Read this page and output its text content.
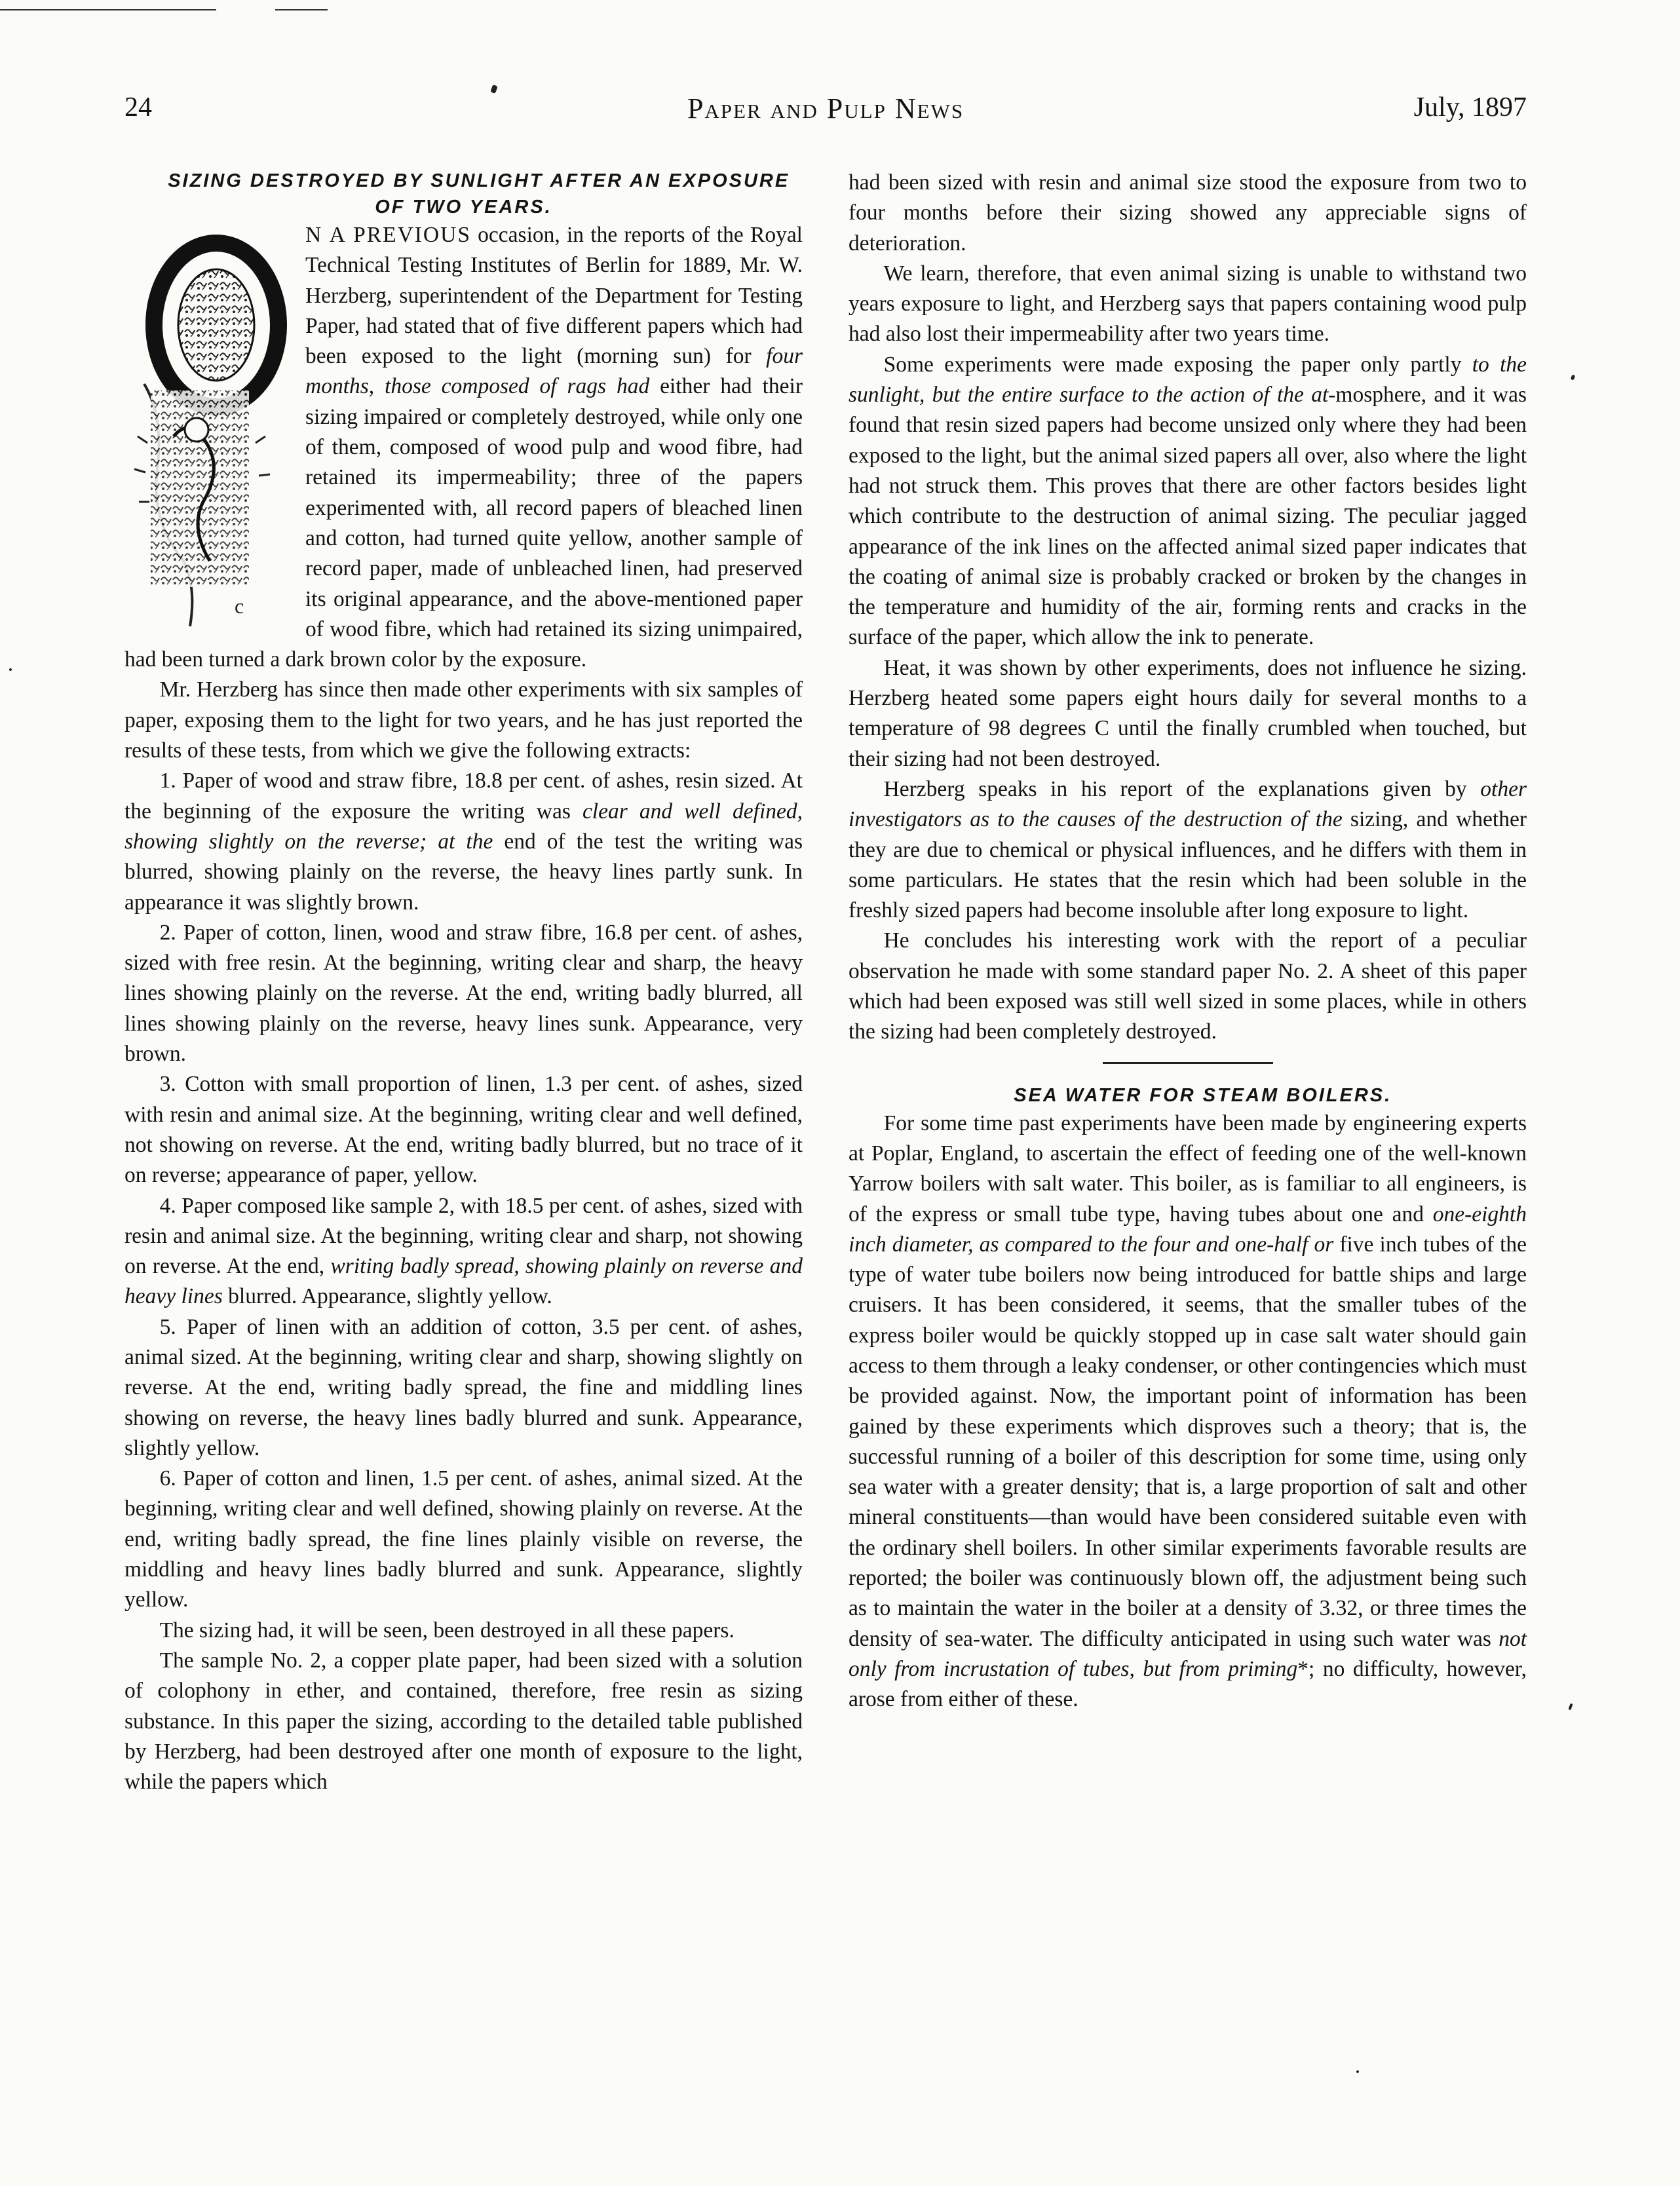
24	Paper and Pulp News	July, 1897

SIZING DESTROYED BY SUNLIGHT AFTER AN EXPOSURE OF TWO YEARS.

c
N A PREVIOUS occasion, in the reports of the Royal Technical Testing Institutes of Berlin for 1889, Mr. W. Herzberg, superintendent of the Department for Testing Paper, had stated that of five different papers which had been exposed to the light (morning sun) for four months, those composed of rags had either had their sizing impaired or completely destroyed, while only one of them, composed of wood pulp and wood fibre, had retained its impermeability; three of the papers experimented with, all record papers of bleached linen and cotton, had turned quite yellow, another sample of record paper, made of unbleached linen, had preserved its original appearance, and the above-mentioned paper of wood fibre, which had retained its sizing unimpaired, had been turned a dark brown color by the exposure.

Mr. Herzberg has since then made other experiments with six samples of paper, exposing them to the light for two years, and he has just reported the results of these tests, from which we give the following extracts:

1. Paper of wood and straw fibre, 18.8 per cent. of ashes, resin sized. At the beginning of the exposure the writing was clear and well defined, showing slightly on the reverse; at the end of the test the writing was blurred, showing plainly on the reverse, the heavy lines partly sunk. In appearance it was slightly brown.

2. Paper of cotton, linen, wood and straw fibre, 16.8 per cent. of ashes, sized with free resin. At the beginning, writing clear and sharp, the heavy lines showing plainly on the reverse. At the end, writing badly blurred, all lines showing plainly on the reverse, heavy lines sunk. Appearance, very brown.

3. Cotton with small proportion of linen, 1.3 per cent. of ashes, sized with resin and animal size. At the beginning, writing clear and well defined, not showing on reverse. At the end, writing badly blurred, but no trace of it on reverse; appearance of paper, yellow.

4. Paper composed like sample 2, with 18.5 per cent. of ashes, sized with resin and animal size. At the beginning, writing clear and sharp, not showing on reverse. At the end, writing badly spread, showing plainly on reverse and heavy lines blurred. Appearance, slightly yellow.

5. Paper of linen with an addition of cotton, 3.5 per cent. of ashes, animal sized. At the beginning, writing clear and sharp, showing slightly on reverse. At the end, writing badly spread, the fine and middling lines showing on reverse, the heavy lines badly blurred and sunk. Appearance, slightly yellow.

6. Paper of cotton and linen, 1.5 per cent. of ashes, animal sized. At the beginning, writing clear and well defined, showing plainly on reverse. At the end, writing badly spread, the fine lines plainly visible on reverse, the middling and heavy lines badly blurred and sunk. Appearance, slightly yellow.

The sizing had, it will be seen, been destroyed in all these papers.

The sample No. 2, a copper plate paper, had been sized with a solution of colophony in ether, and contained, therefore, free resin as sizing substance. In this paper the sizing, according to the detailed table published by Herzberg, had been destroyed after one month of exposure to the light, while the papers which

had been sized with resin and animal size stood the exposure from two to four months before their sizing showed any appreciable signs of deterioration.

We learn, therefore, that even animal sizing is unable to withstand two years exposure to light, and Herzberg says that papers containing wood pulp had also lost their impermeability after two years time.

Some experiments were made exposing the paper only partly to the sunlight, but the entire surface to the action of the at-mosphere, and it was found that resin sized papers had become unsized only where they had been exposed to the light, but the animal sized papers all over, also where the light had not struck them. This proves that there are other factors besides light which contribute to the destruction of animal sizing. The peculiar jagged appearance of the ink lines on the affected animal sized paper indicates that the coating of animal size is probably cracked or broken by the changes in the temperature and humidity of the air, forming rents and cracks in the surface of the paper, which allow the ink to penerate.

Heat, it was shown by other experiments, does not influence he sizing. Herzberg heated some papers eight hours daily for several months to a temperature of 98 degrees C until the finally crumbled when touched, but their sizing had not been destroyed.

Herzberg speaks in his report of the explanations given by other investigators as to the causes of the destruction of the sizing, and whether they are due to chemical or physical influences, and he differs with them in some particulars. He states that the resin which had been soluble in the freshly sized papers had become insoluble after long exposure to light.

He concludes his interesting work with the report of a peculiar observation he made with some standard paper No. 2. A sheet of this paper which had been exposed was still well sized in some places, while in others the sizing had been completely destroyed.

SEA WATER FOR STEAM BOILERS.

For some time past experiments have been made by engineering experts at Poplar, England, to ascertain the effect of feeding one of the well-known Yarrow boilers with salt water. This boiler, as is familiar to all engineers, is of the express or small tube type, having tubes about one and one-eighth inch diameter, as compared to the four and one-half or five inch tubes of the type of water tube boilers now being introduced for battle ships and large cruisers. It has been considered, it seems, that the smaller tubes of the express boiler would be quickly stopped up in case salt water should gain access to them through a leaky condenser, or other contingencies which must be provided against. Now, the important point of information has been gained by these experiments which disproves such a theory; that is, the successful running of a boiler of this description for some time, using only sea water with a greater density; that is, a large proportion of salt and other mineral constituents—than would have been considered suitable even with the ordinary shell boilers. In other similar experiments favorable results are reported; the boiler was continuously blown off, the adjustment being such as to maintain the water in the boiler at a density of 3.32, or three times the density of sea-water. The difficulty anticipated in using such water was not only from incrustation of tubes, but from priming*; no difficulty, however, arose from either of these.
